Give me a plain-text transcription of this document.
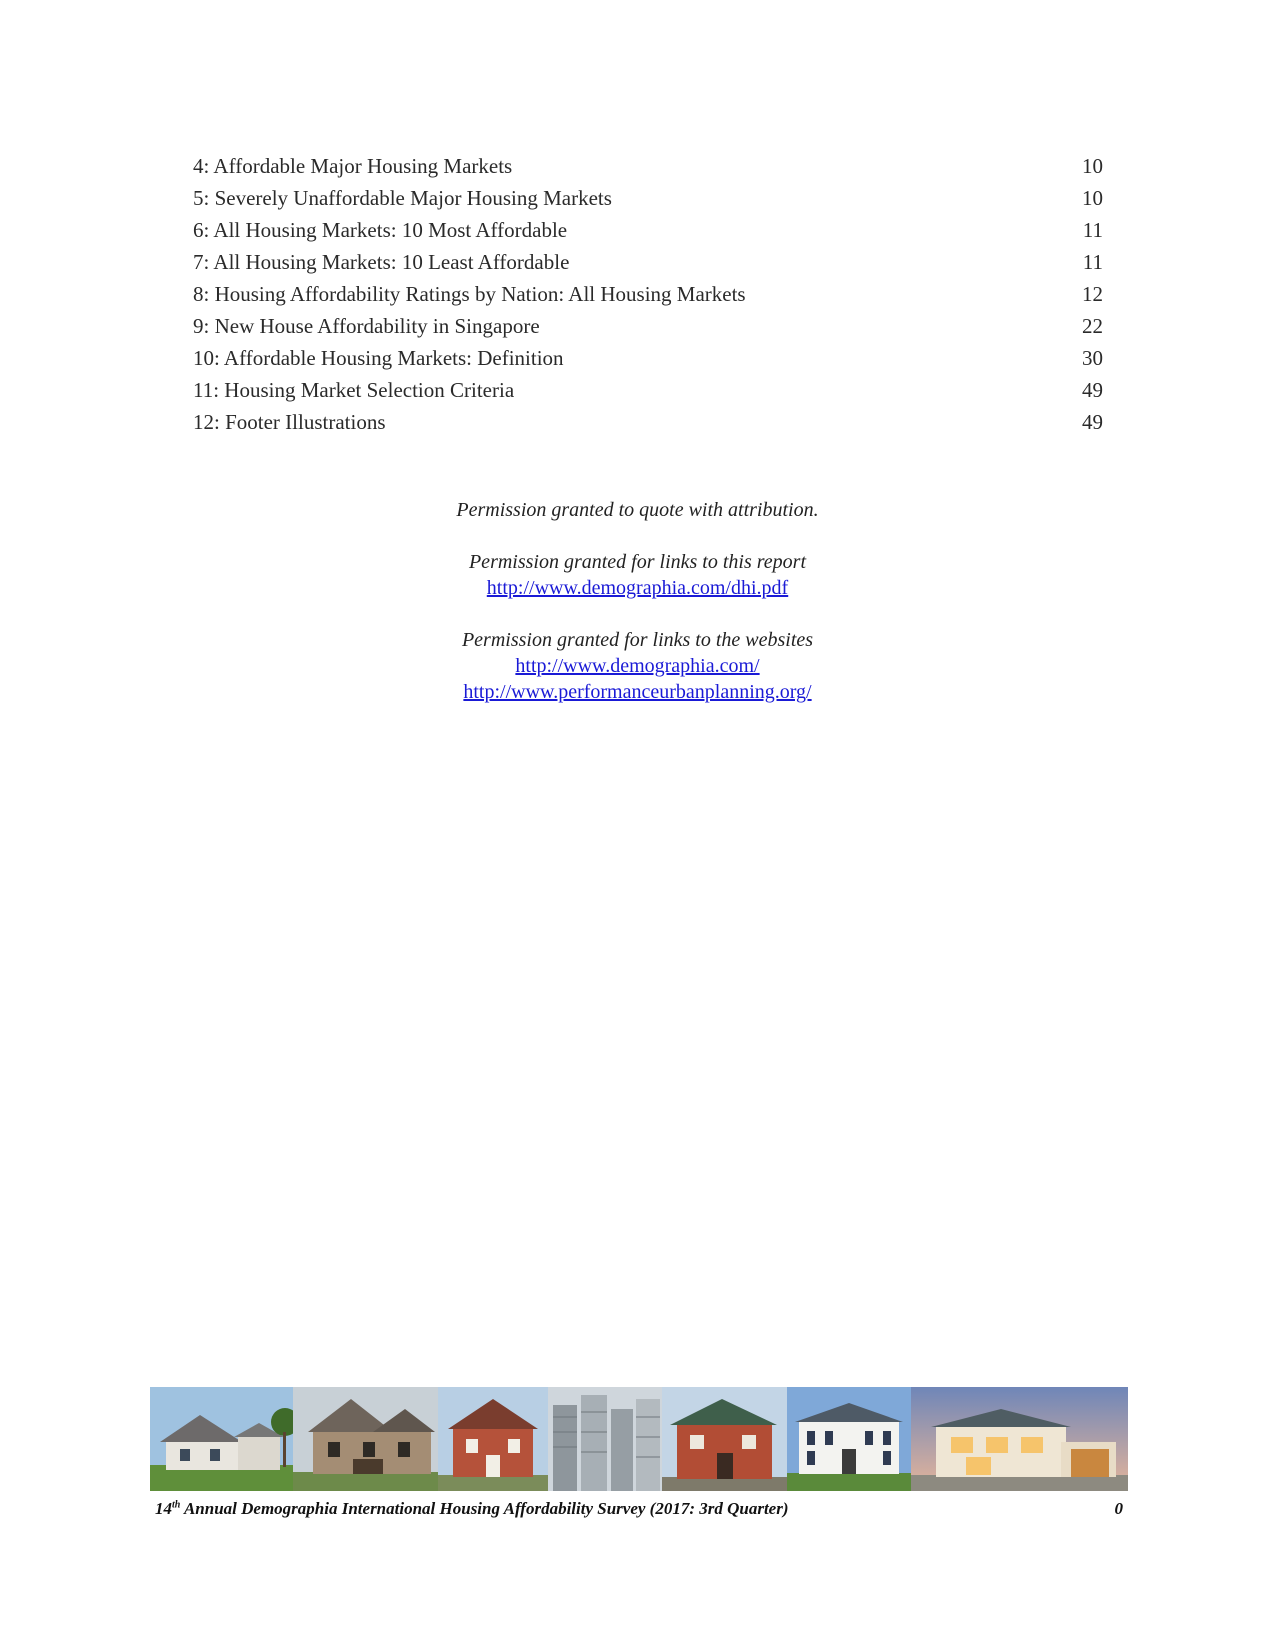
4: Affordable Major Housing Markets	10
5: Severely Unaffordable Major Housing Markets	10
6: All Housing Markets: 10 Most Affordable	11
7: All Housing Markets: 10 Least Affordable	11
8: Housing Affordability Ratings by Nation: All Housing Markets	12
9: New House Affordability in Singapore	22
10: Affordable Housing Markets: Definition	30
11: Housing Market Selection Criteria	49
12: Footer Illustrations	49
Permission granted to quote with attribution.
Permission granted for links to this report
http://www.demographia.com/dhi.pdf
Permission granted for links to the websites
http://www.demographia.com/
http://www.performanceurbanplanning.org/
14th Annual Demographia International Housing Affordability Survey (2017: 3rd Quarter)	0
